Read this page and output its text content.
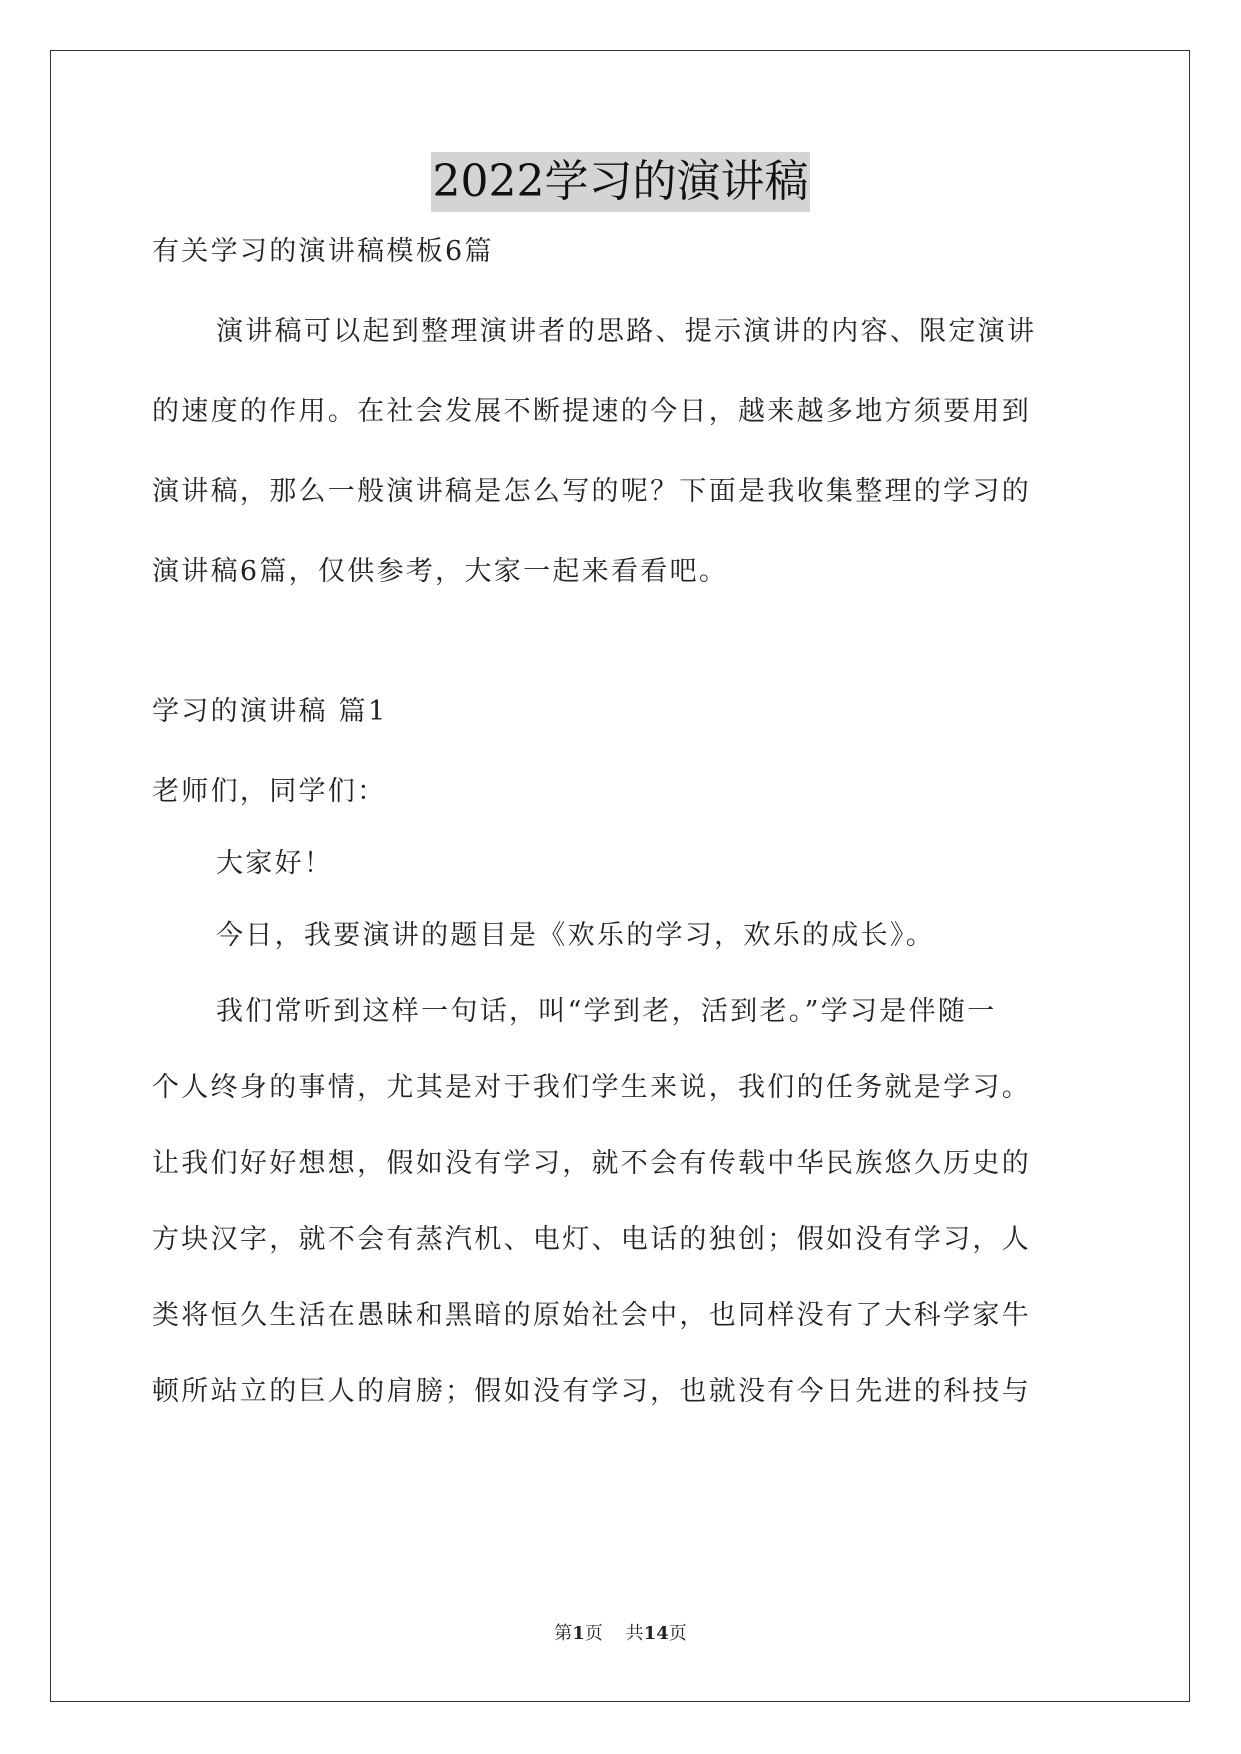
2022学习的演讲稿
有关学习的演讲稿模板6篇
演讲稿可以起到整理演讲者的思路、提示演讲的内容、限定演讲
的速度的作用。在社会发展不断提速的今日，越来越多地方须要用到
演讲稿，那么一般演讲稿是怎么写的呢？下面是我收集整理的学习的
演讲稿6篇，仅供参考，大家一起来看看吧。
学习的演讲稿 篇1
老师们，同学们：
大家好！
今日，我要演讲的题目是《欢乐的学习，欢乐的成长》。
我们常听到这样一句话，叫“学到老，活到老。”学习是伴随一
个人终身的事情，尤其是对于我们学生来说，我们的任务就是学习。
让我们好好想想，假如没有学习，就不会有传载中华民族悠久历史的
方块汉字，就不会有蒸汽机、电灯、电话的独创；假如没有学习，人
类将恒久生活在愚昧和黑暗的原始社会中，也同样没有了大科学家牛
顿所站立的巨人的肩膀；假如没有学习，也就没有今日先进的科技与
第1页 共14页
